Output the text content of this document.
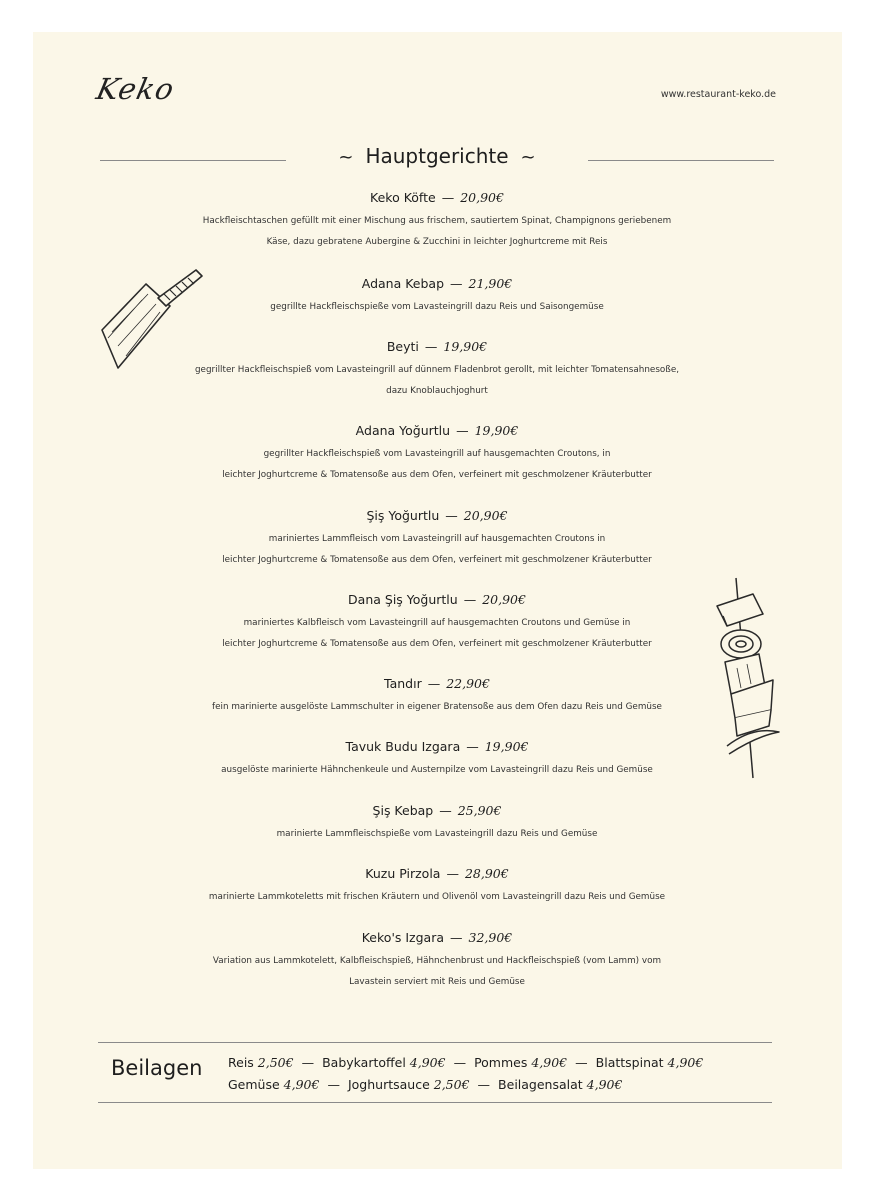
Keko	www.restaurant-keko.de
~ Hauptgerichte ~
Keko Köfte — 20,90€
Hackfleischtaschen gefüllt mit einer Mischung aus frischem, sautiertem Spinat, Champignons geriebenem
Käse, dazu gebratene Aubergine & Zucchini in leichter Joghurtcreme mit Reis
Adana Kebap — 21,90€
gegrillte Hackfleischspieße vom Lavasteingrill dazu Reis und Saisongemüse
Beyti — 19,90€
gegrillter Hackfleischspieß vom Lavasteingrill auf dünnem Fladenbrot gerollt, mit leichter Tomatensahnesoße,
dazu Knoblauchjoghurt
Adana Yoğurtlu — 19,90€
gegrillter Hackfleischspieß vom Lavasteingrill auf hausgemachten Croutons, in
leichter Joghurtcreme & Tomatensoße aus dem Ofen, verfeinert mit geschmolzener Kräuterbutter
Şiş Yoğurtlu — 20,90€
mariniertes Lammfleisch vom Lavasteingrill auf hausgemachten Croutons in
leichter Joghurtcreme & Tomatensoße aus dem Ofen, verfeinert mit geschmolzener Kräuterbutter
Dana Şiş Yoğurtlu — 20,90€
mariniertes Kalbfleisch vom Lavasteingrill auf hausgemachten Croutons und Gemüse in
leichter Joghurtcreme & Tomatensoße aus dem Ofen, verfeinert mit geschmolzener Kräuterbutter
Tandır — 22,90€
fein marinierte ausgelöste Lammschulter in eigener Bratensoße aus dem Ofen dazu Reis und Gemüse
Tavuk Budu Izgara — 19,90€
ausgelöste marinierte Hähnchenkeule und Austernpilze vom Lavasteingrill dazu Reis und Gemüse
Şiş Kebap — 25,90€
marinierte Lammfleischspieße vom Lavasteingrill dazu Reis und Gemüse
Kuzu Pirzola — 28,90€
marinierte Lammkoteletts mit frischen Kräutern und Olivenöl vom Lavasteingrill dazu Reis und Gemüse
Keko's Izgara — 32,90€
Variation aus Lammkotelett, Kalbfleischspieß, Hähnchenbrust und Hackfleischspieß (vom Lamm) vom
Lavastein serviert mit Reis und Gemüse
Beilagen Reis 2,50€ — Babykartoffel 4,90€ — Pommes 4,90€ — Blattspinat 4,90€
Gemüse 4,90€ — Joghurtsauce 2,50€ — Beilagensalat 4,90€
